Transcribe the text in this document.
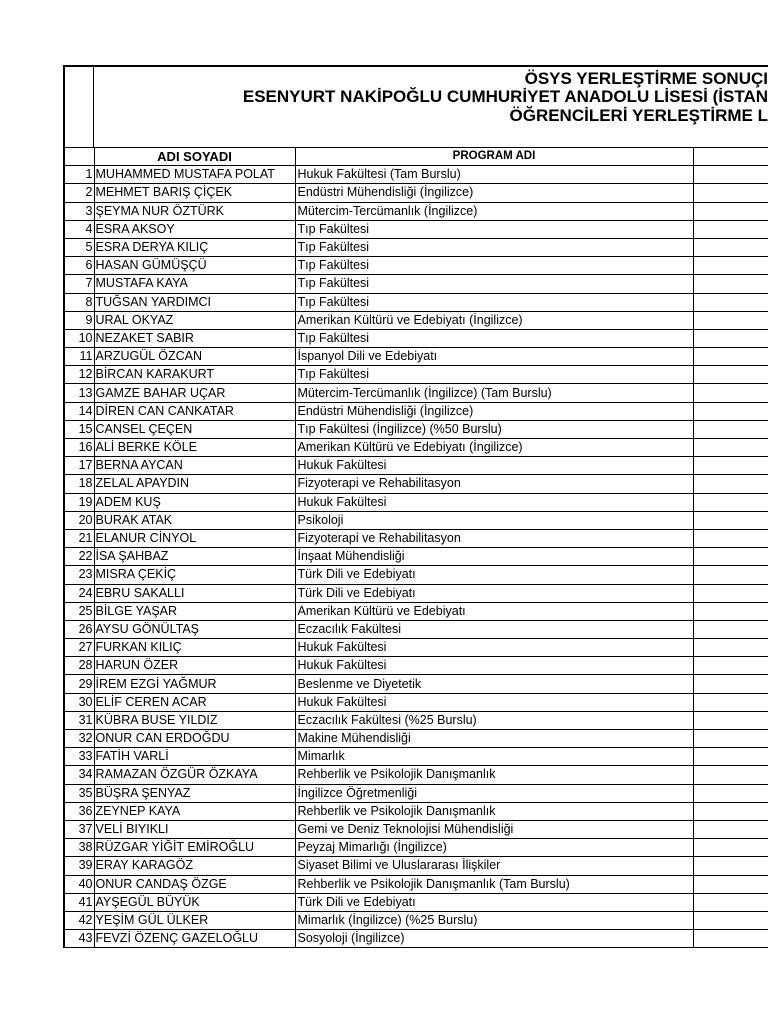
ÖSYS YERLEŞTİRME SONUÇI
ESENYURT NAKİPOĞLU CUMHURİYET ANADOLU LİSESİ (İSTAN
ÖĞRENCİLERİ YERLEŞTİRME L
	ADI SOYADI	PROGRAM ADI	
1	MUHAMMED MUSTAFA POLAT	Hukuk Fakültesi (Tam Burslu)	
2	MEHMET BARIŞ ÇİÇEK	Endüstri Mühendisliği (İngilizce)	
3	ŞEYMA NUR ÖZTÜRK	Mütercim-Tercümanlık (İngilizce)	
4	ESRA AKSOY	Tıp Fakültesi	
5	ESRA DERYA KILIÇ	Tıp Fakültesi	
6	HASAN GÜMÜŞÇÜ	Tıp Fakültesi	
7	MUSTAFA KAYA	Tıp Fakültesi	
8	TUĞSAN YARDIMCI	Tıp Fakültesi	
9	URAL OKYAZ	Amerikan Kültürü ve Edebiyatı (İngilizce)	
10	NEZAKET SABIR	Tıp Fakültesi	
11	ARZUGÜL ÖZCAN	İspanyol Dili ve Edebiyatı	
12	BİRCAN KARAKURT	Tıp Fakültesi	
13	GAMZE BAHAR UÇAR	Mütercim-Tercümanlık (İngilizce) (Tam Burslu)	
14	DİREN CAN CANKATAR	Endüstri Mühendisliği (İngilizce)	
15	CANSEL ÇEÇEN	Tıp Fakültesi (İngilizce) (%50 Burslu)	
16	ALİ BERKE KÖLE	Amerikan Kültürü ve Edebiyatı (İngilizce)	
17	BERNA AYCAN	Hukuk Fakültesi	
18	ZELAL APAYDIN	Fizyoterapi ve Rehabilitasyon	
19	ADEM KUŞ	Hukuk Fakültesi	
20	BURAK ATAK	Psikoloji	
21	ELANUR CİNYOL	Fizyoterapi ve Rehabilitasyon	
22	İSA ŞAHBAZ	İnşaat Mühendisliği	
23	MISRA ÇEKİÇ	Türk Dili ve Edebiyatı	
24	EBRU SAKALLI	Türk Dili ve Edebiyatı	
25	BİLGE YAŞAR	Amerikan Kültürü ve Edebiyatı	
26	AYSU GÖNÜLTAŞ	Eczacılık Fakültesi	
27	FURKAN KILIÇ	Hukuk Fakültesi	
28	HARUN ÖZER	Hukuk Fakültesi	
29	İREM EZGİ YAĞMUR	Beslenme ve Diyetetik	
30	ELİF CEREN ACAR	Hukuk Fakültesi	
31	KÜBRA BUSE YILDIZ	Eczacılık Fakültesi (%25 Burslu)	
32	ONUR CAN ERDOĞDU	Makine Mühendisliği	
33	FATİH VARLİ	Mimarlık	
34	RAMAZAN ÖZGÜR ÖZKAYA	Rehberlik ve Psikolojik Danışmanlık	
35	BÜŞRA ŞENYAZ	İngilizce Öğretmenliği	
36	ZEYNEP KAYA	Rehberlik ve Psikolojik Danışmanlık	
37	VELİ BIYIKLI	Gemi ve Deniz Teknolojisi Mühendisliği	
38	RÜZGAR YİĞİT EMİROĞLU	Peyzaj Mimarlığı (İngilizce)	
39	ERAY KARAGÖZ	Siyaset Bilimi ve Uluslararası İlişkiler	
40	ONUR CANDAŞ ÖZGE	Rehberlik ve Psikolojik Danışmanlık (Tam Burslu)	
41	AYŞEGÜL BÜYÜK	Türk Dili ve Edebiyatı	
42	YEŞİM GÜL ÜLKER	Mimarlık (İngilizce) (%25 Burslu)	
43	FEVZİ ÖZENÇ GAZELOĞLU	Sosyoloji (İngilizce)	
